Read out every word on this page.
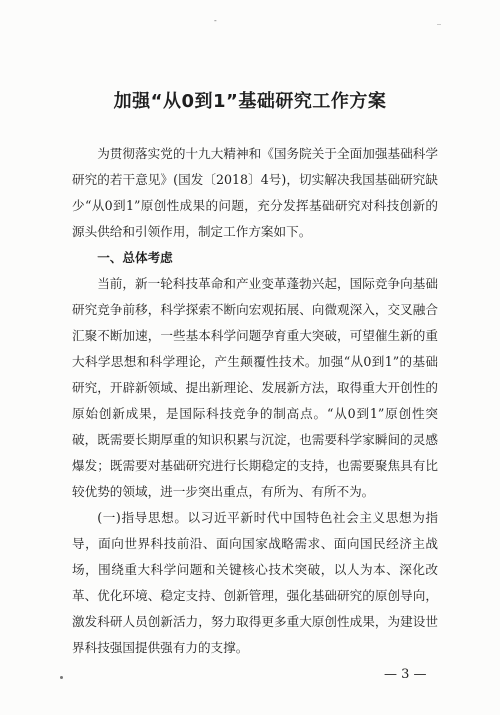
-	_
加强“从0到1”基础研究工作方案

为贯彻落实党的十九大精神和《国务院关于全面加强基础科学研究的若干意见》(国发〔2018〕4号)，切实解决我国基础研究缺少“从0到1”原创性成果的问题，充分发挥基础研究对科技创新的源头供给和引领作用，制定工作方案如下。

一、总体考虑

当前，新一轮科技革命和产业变革蓬勃兴起，国际竞争向基础研究竞争前移，科学探索不断向宏观拓展、向微观深入，交叉融合汇聚不断加速，一些基本科学问题孕育重大突破，可望催生新的重大科学思想和科学理论，产生颠覆性技术。加强“从0到1”的基础研究，开辟新领域、提出新理论、发展新方法，取得重大开创性的原始创新成果，是国际科技竞争的制高点。“从0到1”原创性突破，既需要长期厚重的知识积累与沉淀，也需要科学家瞬间的灵感爆发；既需要对基础研究进行长期稳定的支持，也需要聚焦具有比较优势的领域，进一步突出重点，有所为、有所不为。

(一)指导思想。以习近平新时代中国特色社会主义思想为指导，面向世界科技前沿、面向国家战略需求、面向国民经济主战场，围绕重大科学问题和关键核心技术突破，以人为本、深化改革、优化环境、稳定支持、创新管理，强化基础研究的原创导向，激发科研人员创新活力，努力取得更多重大原创性成果，为建设世界科技强国提供强有力的支撑。

— 3 —
